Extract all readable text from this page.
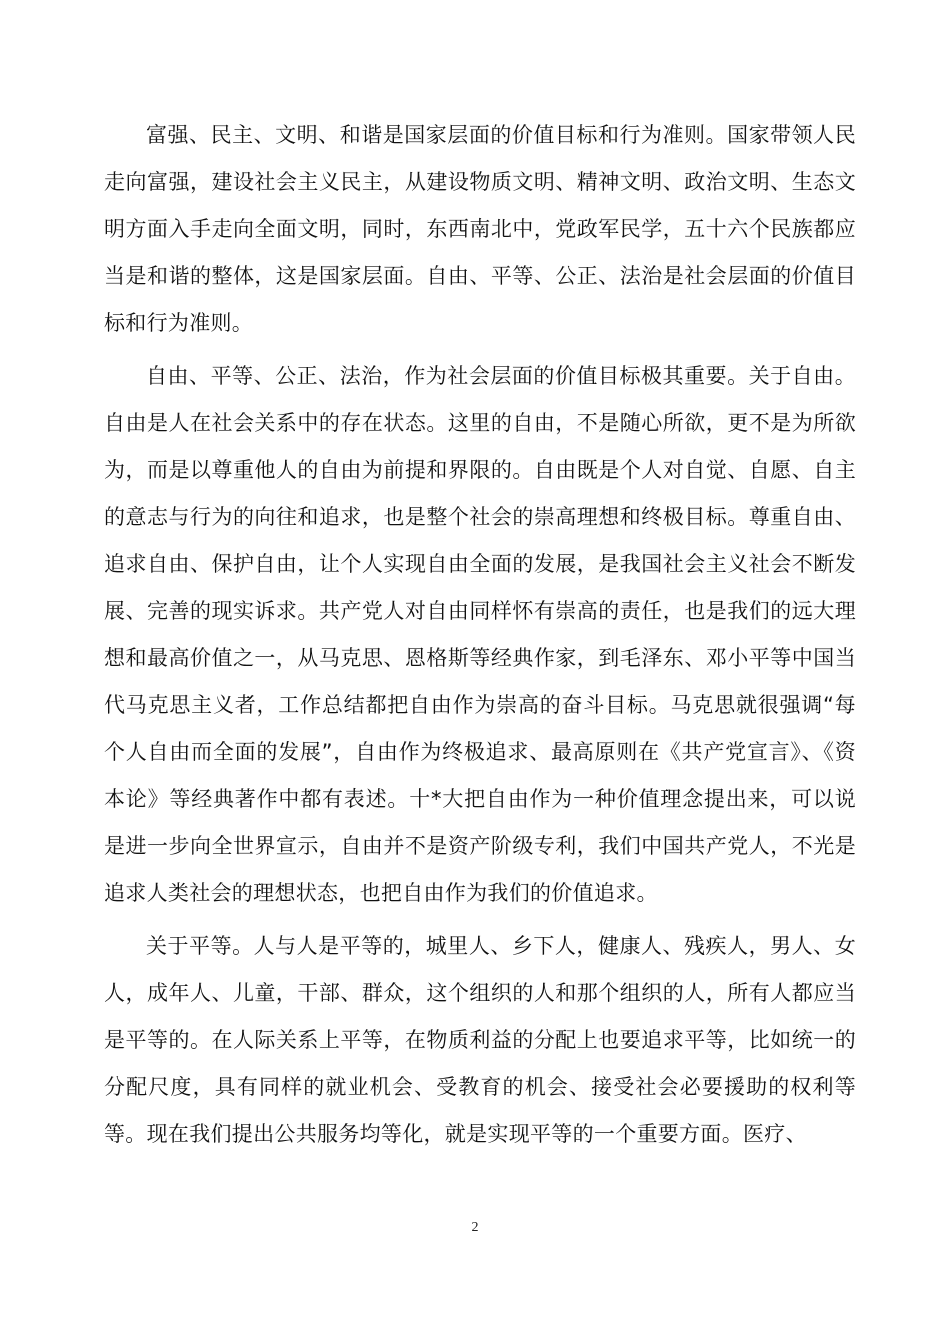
富强、民主、文明、和谐是国家层面的价值目标和行为准则。国家带领人民走向富强，建设社会主义民主，从建设物质文明、精神文明、政治文明、生态文明方面入手走向全面文明，同时，东西南北中，党政军民学，五十六个民族都应当是和谐的整体，这是国家层面。自由、平等、公正、法治是社会层面的价值目标和行为准则。

自由、平等、公正、法治，作为社会层面的价值目标极其重要。关于自由。自由是人在社会关系中的存在状态。这里的自由，不是随心所欲，更不是为所欲为，而是以尊重他人的自由为前提和界限的。自由既是个人对自觉、自愿、自主的意志与行为的向往和追求，也是整个社会的崇高理想和终极目标。尊重自由、追求自由、保护自由，让个人实现自由全面的发展，是我国社会主义社会不断发展、完善的现实诉求。共产党人对自由同样怀有崇高的责任，也是我们的远大理想和最高价值之一，从马克思、恩格斯等经典作家，到毛泽东、邓小平等中国当代马克思主义者，工作总结都把自由作为崇高的奋斗目标。马克思就很强调“每个人自由而全面的发展”，自由作为终极追求、最高原则在《共产党宣言》、《资本论》等经典著作中都有表述。十*大把自由作为一种价值理念提出来，可以说是进一步向全世界宣示，自由并不是资产阶级专利，我们中国共产党人，不光是追求人类社会的理想状态，也把自由作为我们的价值追求。

关于平等。人与人是平等的，城里人、乡下人，健康人、残疾人，男人、女人，成年人、儿童，干部、群众，这个组织的人和那个组织的人，所有人都应当是平等的。在人际关系上平等，在物质利益的分配上也要追求平等，比如统一的分配尺度，具有同样的就业机会、受教育的机会、接受社会必要援助的权利等等。现在我们提出公共服务均等化，就是实现平等的一个重要方面。医疗、

2
